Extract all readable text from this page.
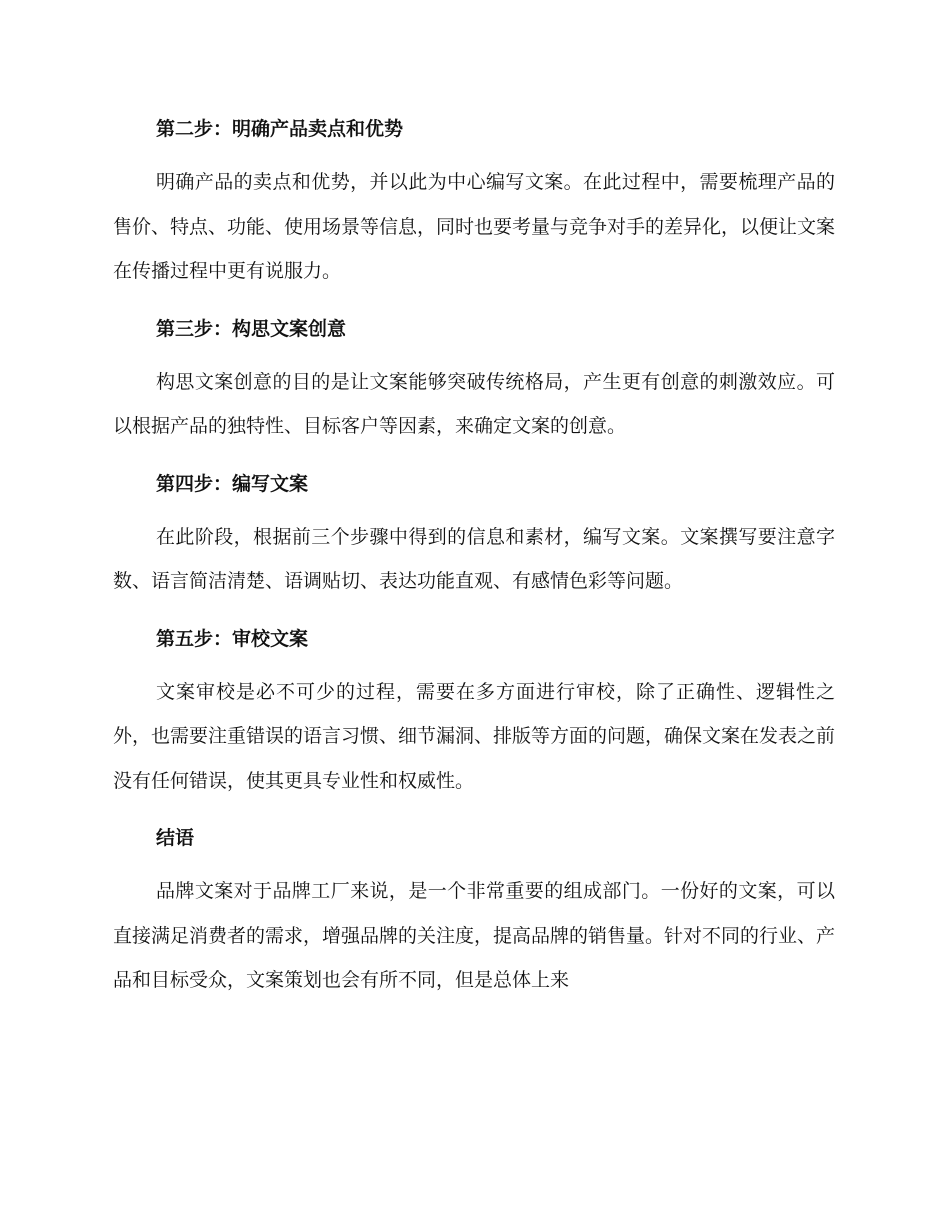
第二步：明确产品卖点和优势

明确产品的卖点和优势，并以此为中心编写文案。在此过程中，需要梳理产品的售价、特点、功能、使用场景等信息，同时也要考量与竞争对手的差异化，以便让文案在传播过程中更有说服力。

第三步：构思文案创意

构思文案创意的目的是让文案能够突破传统格局，产生更有创意的刺激效应。可以根据产品的独特性、目标客户等因素，来确定文案的创意。

第四步：编写文案

在此阶段，根据前三个步骤中得到的信息和素材，编写文案。文案撰写要注意字数、语言简洁清楚、语调贴切、表达功能直观、有感情色彩等问题。

第五步：审校文案

文案审校是必不可少的过程，需要在多方面进行审校，除了正确性、逻辑性之外，也需要注重错误的语言习惯、细节漏洞、排版等方面的问题，确保文案在发表之前没有任何错误，使其更具专业性和权威性。

结语

品牌文案对于品牌工厂来说，是一个非常重要的组成部门。一份好的文案，可以直接满足消费者的需求，增强品牌的关注度，提高品牌的销售量。针对不同的行业、产品和目标受众，文案策划也会有所不同，但是总体上来
